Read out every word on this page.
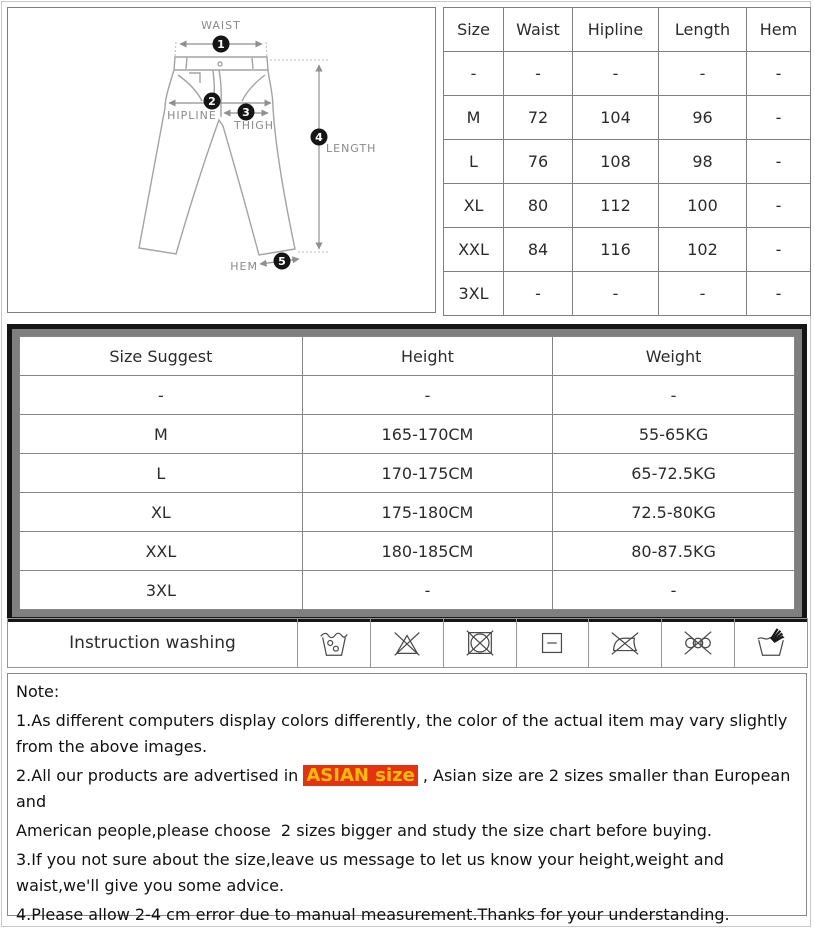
WAIST
1
2
HIPLINE 3
THIGH
4
LENGTH
5
HEM
Size	Waist	Hipline	Length	Hem
-	-	-	-	-
M	72	104	96	-
L	76	108	98	-
XL	80	112	100	-
XXL	84	116	102	-
3XL	-	-	-	-
Size Suggest	Height	Weight
-	-	-
M	165-170CM	55-65KG
L	170-175CM	65-72.5KG
XL	175-180CM	72.5-80KG
XXL	180-185CM	80-87.5KG
3XL	-	-
Instruction washing							

Note:

1.As different computers display colors differently, the color of the actual item may vary slightly from the above images.

2.All our products are advertised in ASIAN size , Asian size are 2 sizes smaller than European and

American people,please choose  2 sizes bigger and study the size chart before buying.

3.If you not sure about the size,leave us message to let us know your height,weight and waist,we'll give you some advice.

4.Please allow 2-4 cm error due to manual measurement.Thanks for your understanding.
